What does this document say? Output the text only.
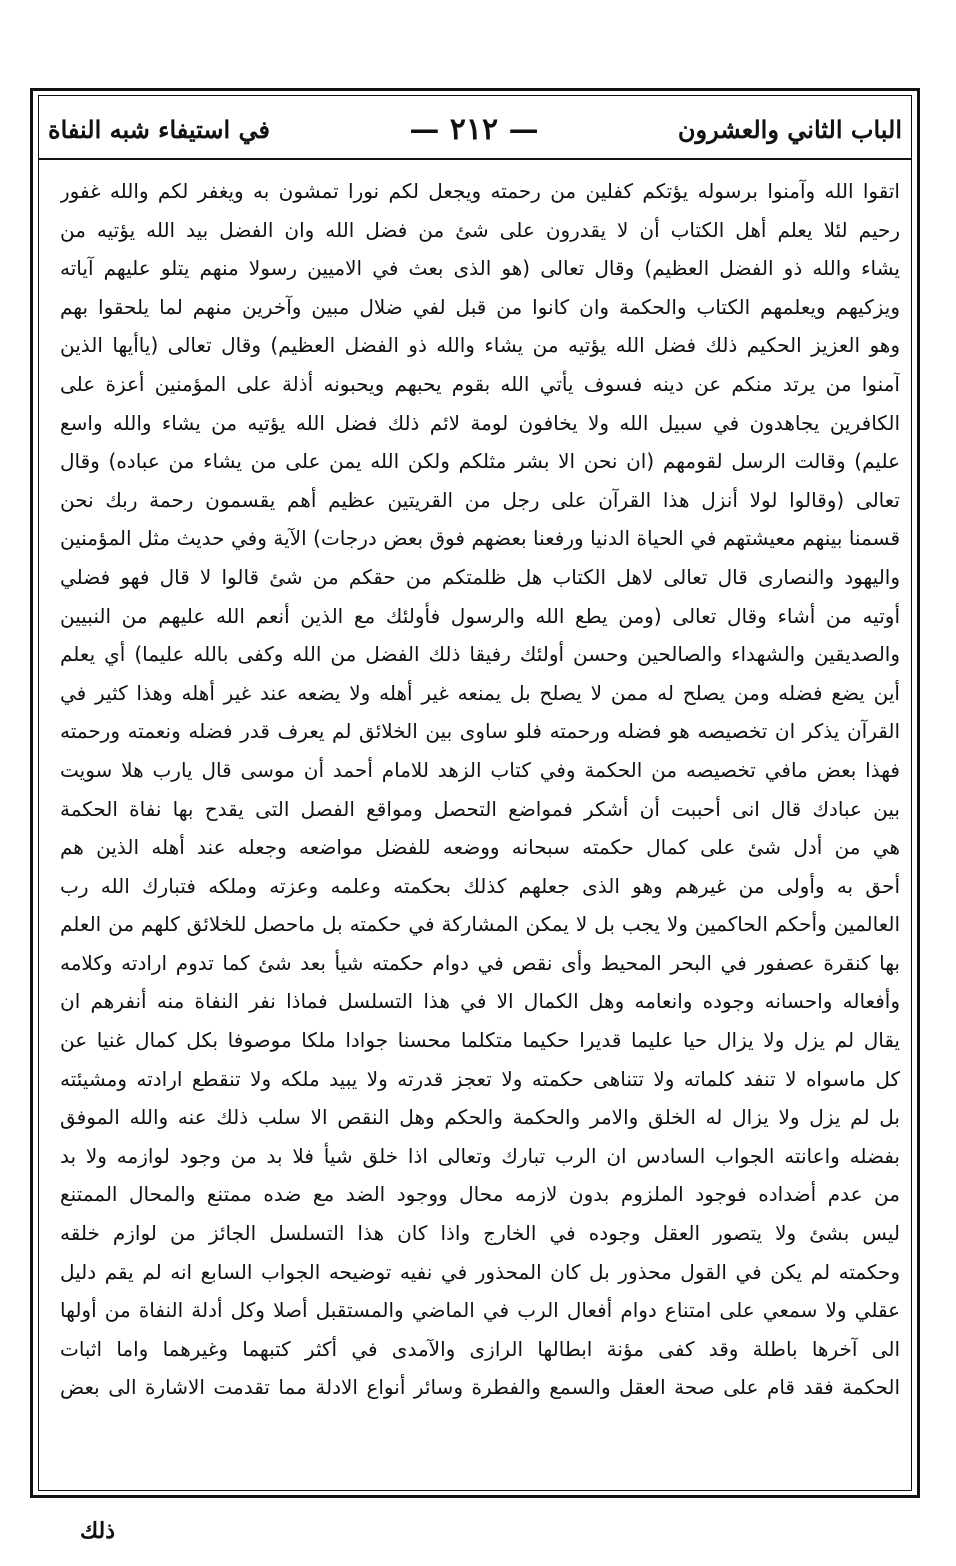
الباب الثاني والعشرون
— ٢١٢ —
في استيفاء شبه النفاة
اتقوا الله وآمنوا برسوله يؤتكم كفلين من رحمته ويجعل لكم نورا تمشون به ويغفر لكم والله غفور
رحيم لئلا يعلم أهل الكتاب أن لا يقدرون على شئ من فضل الله وان الفضل بيد الله يؤتيه من
يشاء والله ذو الفضل العظيم) وقال تعالى (هو الذى بعث في الاميين رسولا منهم يتلو عليهم آياته
ويزكيهم ويعلمهم الكتاب والحكمة وان كانوا من قبل لفي ضلال مبين وآخرين منهم لما يلحقوا بهم
وهو العزيز الحكيم ذلك فضل الله يؤتيه من يشاء والله ذو الفضل العظيم) وقال تعالى (ياأيها الذين
آمنوا من يرتد منكم عن دينه فسوف يأتي الله بقوم يحبهم ويحبونه أذلة على المؤمنين أعزة على
الكافرين يجاهدون في سبيل الله ولا يخافون لومة لائم ذلك فضل الله يؤتيه من يشاء والله واسع
عليم) وقالت الرسل لقومهم (ان نحن الا بشر مثلكم ولكن الله يمن على من يشاء من عباده) وقال
تعالى (وقالوا لولا أنزل هذا القرآن على رجل من القريتين عظيم أهم يقسمون رحمة ربك نحن
قسمنا بينهم معيشتهم في الحياة الدنيا ورفعنا بعضهم فوق بعض درجات) الآية وفي حديث مثل المؤمنين
واليهود والنصارى قال تعالى لاهل الكتاب هل ظلمتكم من حقكم من شئ قالوا لا قال فهو فضلي
أوتيه من أشاء وقال تعالى (ومن يطع الله والرسول فأولئك مع الذين أنعم الله عليهم من النبيين
والصديقين والشهداء والصالحين وحسن أولئك رفيقا ذلك الفضل من الله وكفى بالله عليما) أي يعلم
أين يضع فضله ومن يصلح له ممن لا يصلح بل يمنعه غير أهله ولا يضعه عند غير أهله وهذا كثير في
القرآن يذكر ان تخصيصه هو فضله ورحمته فلو ساوى بين الخلائق لم يعرف قدر فضله ونعمته ورحمته
فهذا بعض مافي تخصيصه من الحكمة وفي كتاب الزهد للامام أحمد أن موسى قال يارب هلا سويت
بين عبادك قال انى أحببت أن أشكر فمواضع التحصل ومواقع الفصل التى يقدح بها نفاة الحكمة
هي من أدل شئ على كمال حكمته سبحانه ووضعه للفضل مواضعه وجعله عند أهله الذين هم
أحق به وأولى من غيرهم وهو الذى جعلهم كذلك بحكمته وعلمه وعزته وملكه فتبارك الله رب
العالمين وأحكم الحاكمين ولا يجب بل لا يمكن المشاركة في حكمته بل ماحصل للخلائق كلهم من العلم
بها كنقرة عصفور في البحر المحيط وأى نقص في دوام حكمته شيأ بعد شئ كما تدوم ارادته وكلامه
وأفعاله واحسانه وجوده وانعامه وهل الكمال الا في هذا التسلسل فماذا نفر النفاة منه أنفرهم ان
يقال لم يزل ولا يزال حيا عليما قديرا حكيما متكلما محسنا جوادا ملكا موصوفا بكل كمال غنيا عن
كل ماسواه لا تنفد كلماته ولا تتناهى حكمته ولا تعجز قدرته ولا يبيد ملكه ولا تنقطع ارادته ومشيئته
بل لم يزل ولا يزال له الخلق والامر والحكمة والحكم وهل النقص الا سلب ذلك عنه والله الموفق
بفضله واعانته الجواب السادس ان الرب تبارك وتعالى اذا خلق شيأ فلا بد من وجود لوازمه ولا بد
من عدم أضداده فوجود الملزوم بدون لازمه محال ووجود الضد مع ضده ممتنع والمحال الممتنع
ليس بشئ ولا يتصور العقل وجوده في الخارج واذا كان هذا التسلسل الجائز من لوازم خلقه
وحكمته لم يكن في القول محذور بل كان المحذور في نفيه توضيحه الجواب السابع انه لم يقم دليل
عقلي ولا سمعي على امتناع دوام أفعال الرب في الماضي والمستقبل أصلا وكل أدلة النفاة من أولها
الى آخرها باطلة وقد كفى مؤنة ابطالها الرازى والآمدى في أكثر كتبهما وغيرهما واما اثبات
الحكمة فقد قام على صحة العقل والسمع والفطرة وسائر أنواع الادلة مما تقدمت الاشارة الى بعض
ذلك
